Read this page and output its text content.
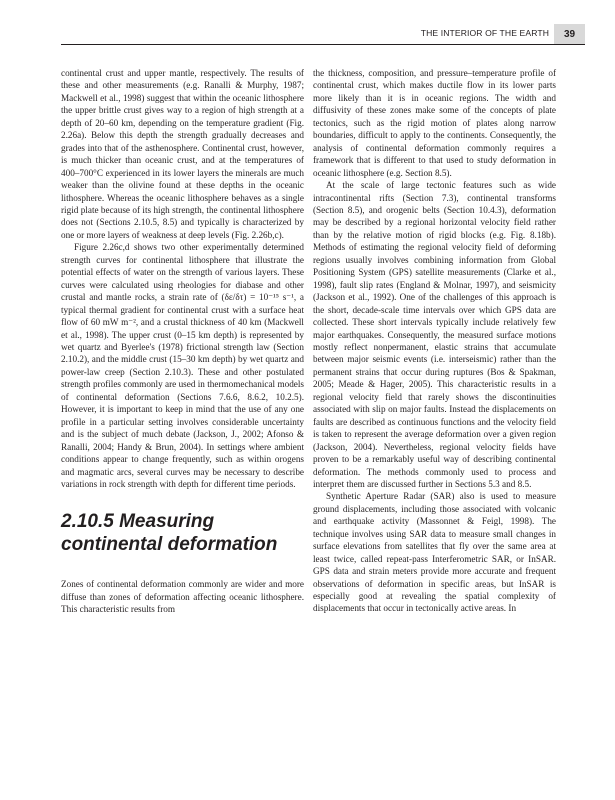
THE INTERIOR OF THE EARTH	39

continental crust and upper mantle, respectively. The results of these and other measurements (e.g. Ranalli & Murphy, 1987; Mackwell et al., 1998) suggest that within the oceanic lithosphere the upper brittle crust gives way to a region of high strength at a depth of 20–60 km, depending on the temperature gradient (Fig. 2.26a). Below this depth the strength gradually decreases and grades into that of the asthenosphere. Continental crust, however, is much thicker than oceanic crust, and at the temperatures of 400–700°C experienced in its lower layers the minerals are much weaker than the olivine found at these depths in the oceanic lithosphere. Whereas the oceanic lithosphere behaves as a single rigid plate because of its high strength, the continental lithosphere does not (Sections 2.10.5, 8.5) and typically is characterized by one or more layers of weakness at deep levels (Fig. 2.26b,c).

Figure 2.26c,d shows two other experimentally determined strength curves for continental lithosphere that illustrate the potential effects of water on the strength of various layers. These curves were calculated using rheologies for diabase and other crustal and mantle rocks, a strain rate of (δε/δτ) = 10⁻¹⁵ s⁻¹, a typical thermal gradient for continental crust with a surface heat flow of 60 mW m⁻², and a crustal thickness of 40 km (Mackwell et al., 1998). The upper crust (0–15 km depth) is represented by wet quartz and Byerlee's (1978) frictional strength law (Section 2.10.2), and the middle crust (15–30 km depth) by wet quartz and power-law creep (Section 2.10.3). These and other postulated strength profiles commonly are used in thermomechanical models of continental deformation (Sections 7.6.6, 8.6.2, 10.2.5). However, it is important to keep in mind that the use of any one profile in a particular setting involves considerable uncertainty and is the subject of much debate (Jackson, J., 2002; Afonso & Ranalli, 2004; Handy & Brun, 2004). In settings where ambient conditions appear to change frequently, such as within orogens and magmatic arcs, several curves may be necessary to describe variations in rock strength with depth for different time periods.

2.10.5 Measuring continental deformation

Zones of continental deformation commonly are wider and more diffuse than zones of deformation affecting oceanic lithosphere. This characteristic results from

the thickness, composition, and pressure–temperature profile of continental crust, which makes ductile flow in its lower parts more likely than it is in oceanic regions. The width and diffusivity of these zones make some of the concepts of plate tectonics, such as the rigid motion of plates along narrow boundaries, difficult to apply to the continents. Consequently, the analysis of continental deformation commonly requires a framework that is different to that used to study deformation in oceanic lithosphere (e.g. Section 8.5).

At the scale of large tectonic features such as wide intracontinental rifts (Section 7.3), continental transforms (Section 8.5), and orogenic belts (Section 10.4.3), deformation may be described by a regional horizontal velocity field rather than by the relative motion of rigid blocks (e.g. Fig. 8.18b). Methods of estimating the regional velocity field of deforming regions usually involves combining information from Global Positioning System (GPS) satellite measurements (Clarke et al., 1998), fault slip rates (England & Molnar, 1997), and seismicity (Jackson et al., 1992). One of the challenges of this approach is the short, decade-scale time intervals over which GPS data are collected. These short intervals typically include relatively few major earthquakes. Consequently, the measured surface motions mostly reflect nonpermanent, elastic strains that accumulate between major seismic events (i.e. interseismic) rather than the permanent strains that occur during ruptures (Bos & Spakman, 2005; Meade & Hager, 2005). This characteristic results in a regional velocity field that rarely shows the discontinuities associated with slip on major faults. Instead the displacements on faults are described as continuous functions and the velocity field is taken to represent the average deformation over a given region (Jackson, 2004). Nevertheless, regional velocity fields have proven to be a remarkably useful way of describing continental deformation. The methods commonly used to process and interpret them are discussed further in Sections 5.3 and 8.5.

Synthetic Aperture Radar (SAR) also is used to measure ground displacements, including those associated with volcanic and earthquake activity (Massonnet & Feigl, 1998). The technique involves using SAR data to measure small changes in surface elevations from satellites that fly over the same area at least twice, called repeat-pass Interferometric SAR, or InSAR. GPS data and strain meters provide more accurate and frequent observations of deformation in specific areas, but InSAR is especially good at revealing the spatial complexity of displacements that occur in tectonically active areas. In
